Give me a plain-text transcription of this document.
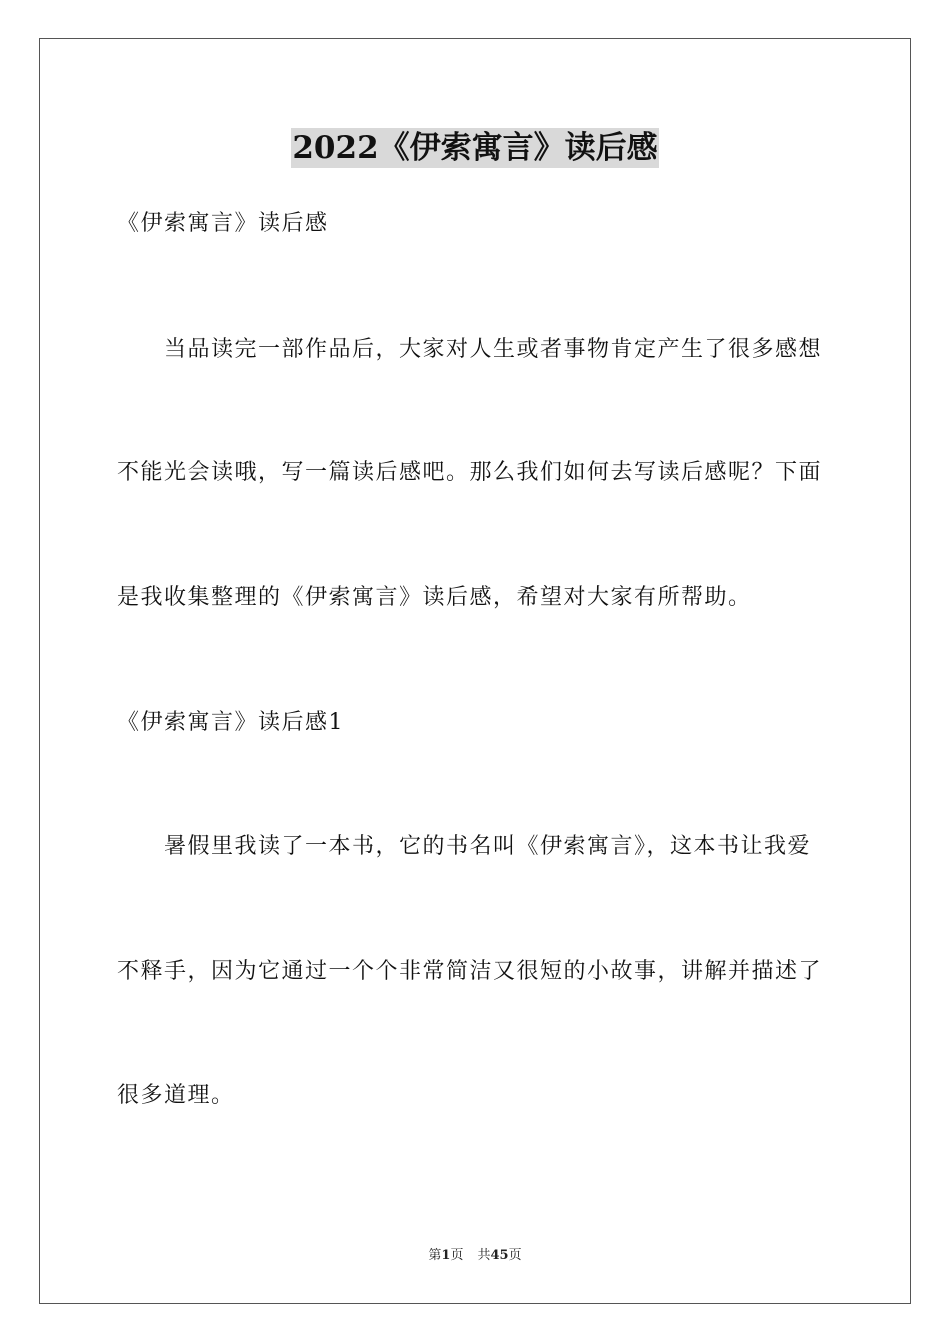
2022《伊索寓言》读后感
《伊索寓言》读后感
当品读完一部作品后，大家对人生或者事物肯定产生了很多感想
不能光会读哦，写一篇读后感吧。那么我们如何去写读后感呢？下面
是我收集整理的《伊索寓言》读后感，希望对大家有所帮助。
《伊索寓言》读后感1
暑假里我读了一本书，它的书名叫《伊索寓言》，这本书让我爱
不释手，因为它通过一个个非常简洁又很短的小故事，讲解并描述了
很多道理。
第1页 共45页
